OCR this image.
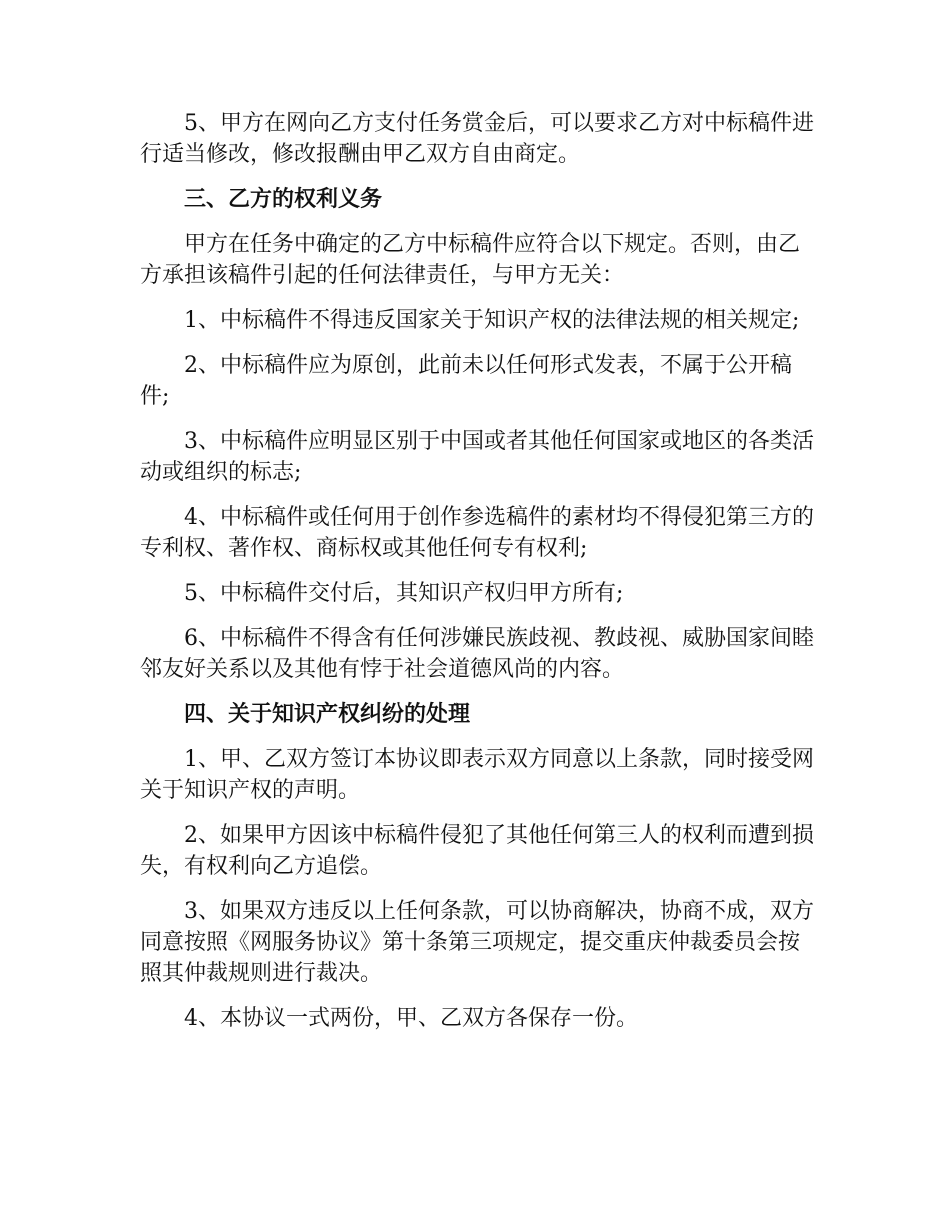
5、甲方在网向乙方支付任务赏金后，可以要求乙方对中标稿件进行适当修改，修改报酬由甲乙双方自由商定。

三、乙方的权利义务

甲方在任务中确定的乙方中标稿件应符合以下规定。否则，由乙方承担该稿件引起的任何法律责任，与甲方无关：

1、中标稿件不得违反国家关于知识产权的法律法规的相关规定;

2、中标稿件应为原创，此前未以任何形式发表，不属于公开稿件;

3、中标稿件应明显区别于中国或者其他任何国家或地区的各类活动或组织的标志;

4、中标稿件或任何用于创作参选稿件的素材均不得侵犯第三方的专利权、著作权、商标权或其他任何专有权利;

5、中标稿件交付后，其知识产权归甲方所有;

6、中标稿件不得含有任何涉嫌民族歧视、教歧视、威胁国家间睦邻友好关系以及其他有悖于社会道德风尚的内容。

四、关于知识产权纠纷的处理

1、甲、乙双方签订本协议即表示双方同意以上条款，同时接受网关于知识产权的声明。

2、如果甲方因该中标稿件侵犯了其他任何第三人的权利而遭到损失，有权利向乙方追偿。

3、如果双方违反以上任何条款，可以协商解决，协商不成，双方同意按照《网服务协议》第十条第三项规定，提交重庆仲裁委员会按照其仲裁规则进行裁决。

4、本协议一式两份，甲、乙双方各保存一份。
